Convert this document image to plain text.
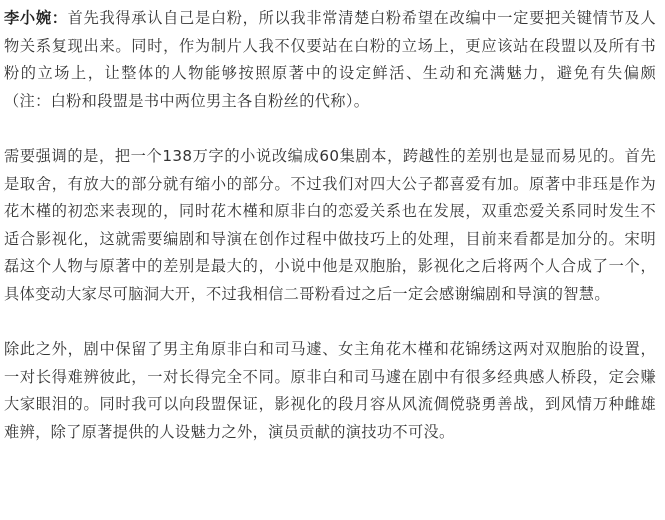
李小婉：首先我得承认自己是白粉，所以我非常清楚白粉希望在改编中一定要把关键情节及人物关系复现出来。同时，作为制片人我不仅要站在白粉的立场上，更应该站在段盟以及所有书粉的立场上，让整体的人物能够按照原著中的设定鲜活、生动和充满魅力，避免有失偏颇（注：白粉和段盟是书中两位男主各自粉丝的代称）。

需要强调的是，把一个138万字的小说改编成60集剧本，跨越性的差别也是显而易见的。首先是取舍，有放大的部分就有缩小的部分。不过我们对四大公子都喜爱有加。原著中非珏是作为花木槿的初恋来表现的，同时花木槿和原非白的恋爱关系也在发展，双重恋爱关系同时发生不适合影视化，这就需要编剧和导演在创作过程中做技巧上的处理，目前来看都是加分的。宋明磊这个人物与原著中的差别是最大的，小说中他是双胞胎，影视化之后将两个人合成了一个，具体变动大家尽可脑洞大开，不过我相信二哥粉看过之后一定会感谢编剧和导演的智慧。

除此之外，剧中保留了男主角原非白和司马遽、女主角花木槿和花锦绣这两对双胞胎的设置，一对长得难辨彼此，一对长得完全不同。原非白和司马遽在剧中有很多经典感人桥段，定会赚大家眼泪的。同时我可以向段盟保证，影视化的段月容从风流倜傥骁勇善战，到风情万种雌雄难辨，除了原著提供的人设魅力之外，演员贡献的演技功不可没。
